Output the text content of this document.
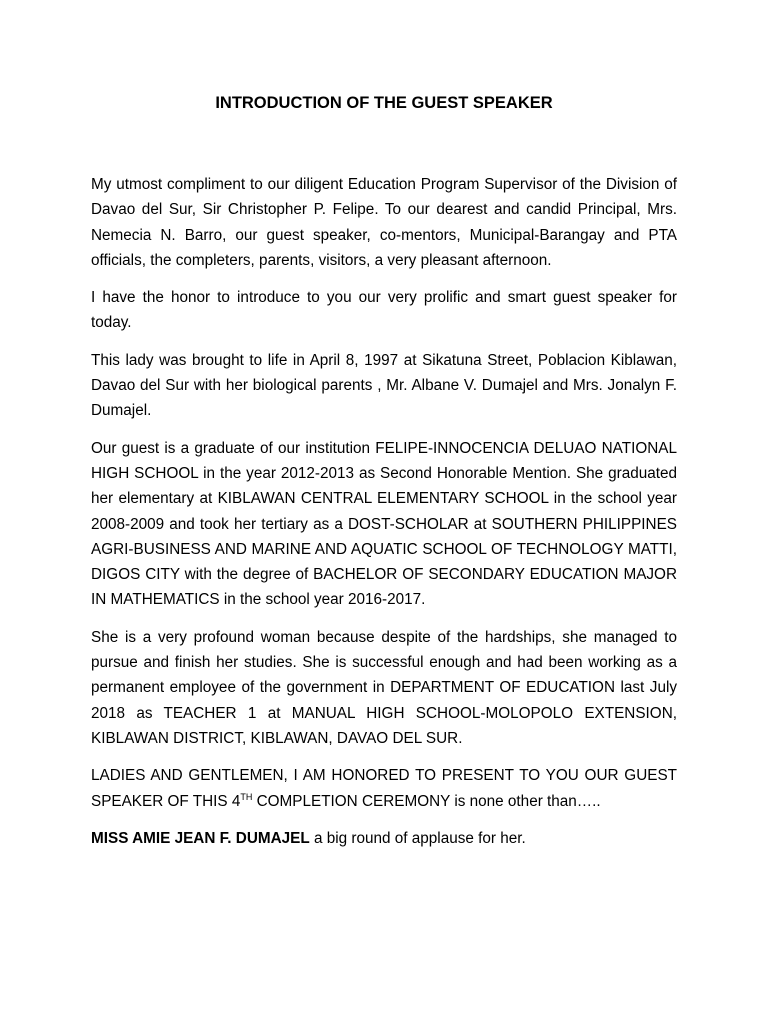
INTRODUCTION OF THE GUEST SPEAKER

My utmost compliment to our diligent Education Program Supervisor of the Division of Davao del Sur, Sir Christopher P. Felipe. To our dearest and candid Principal, Mrs. Nemecia N. Barro, our guest speaker, co-mentors, Municipal-Barangay and PTA officials, the completers, parents, visitors, a very pleasant afternoon.

I have the honor to introduce to you our very prolific and smart guest speaker for today.

This lady was brought to life in April 8, 1997 at Sikatuna Street, Poblacion Kiblawan, Davao del Sur with her biological parents , Mr. Albane V. Dumajel and Mrs. Jonalyn F. Dumajel.

Our guest is a graduate of our institution FELIPE-INNOCENCIA DELUAO NATIONAL HIGH SCHOOL in the year 2012-2013 as Second Honorable Mention. She graduated her elementary at KIBLAWAN CENTRAL ELEMENTARY SCHOOL in the school year 2008-2009 and took her tertiary as a DOST-SCHOLAR at SOUTHERN PHILIPPINES AGRI-BUSINESS AND MARINE AND AQUATIC SCHOOL OF TECHNOLOGY MATTI, DIGOS CITY with the degree of BACHELOR OF SECONDARY EDUCATION MAJOR IN MATHEMATICS in the school year 2016-2017.

She is a very profound woman because despite of the hardships, she managed to pursue and finish her studies. She is successful enough and had been working as a permanent employee of the government in DEPARTMENT OF EDUCATION last July 2018 as TEACHER 1 at MANUAL HIGH SCHOOL-MOLOPOLO EXTENSION, KIBLAWAN DISTRICT, KIBLAWAN, DAVAO DEL SUR.

LADIES AND GENTLEMEN, I AM HONORED TO PRESENT TO YOU OUR GUEST SPEAKER OF THIS 4TH COMPLETION CEREMONY is none other than…..

MISS AMIE JEAN F. DUMAJEL a big round of applause for her.
